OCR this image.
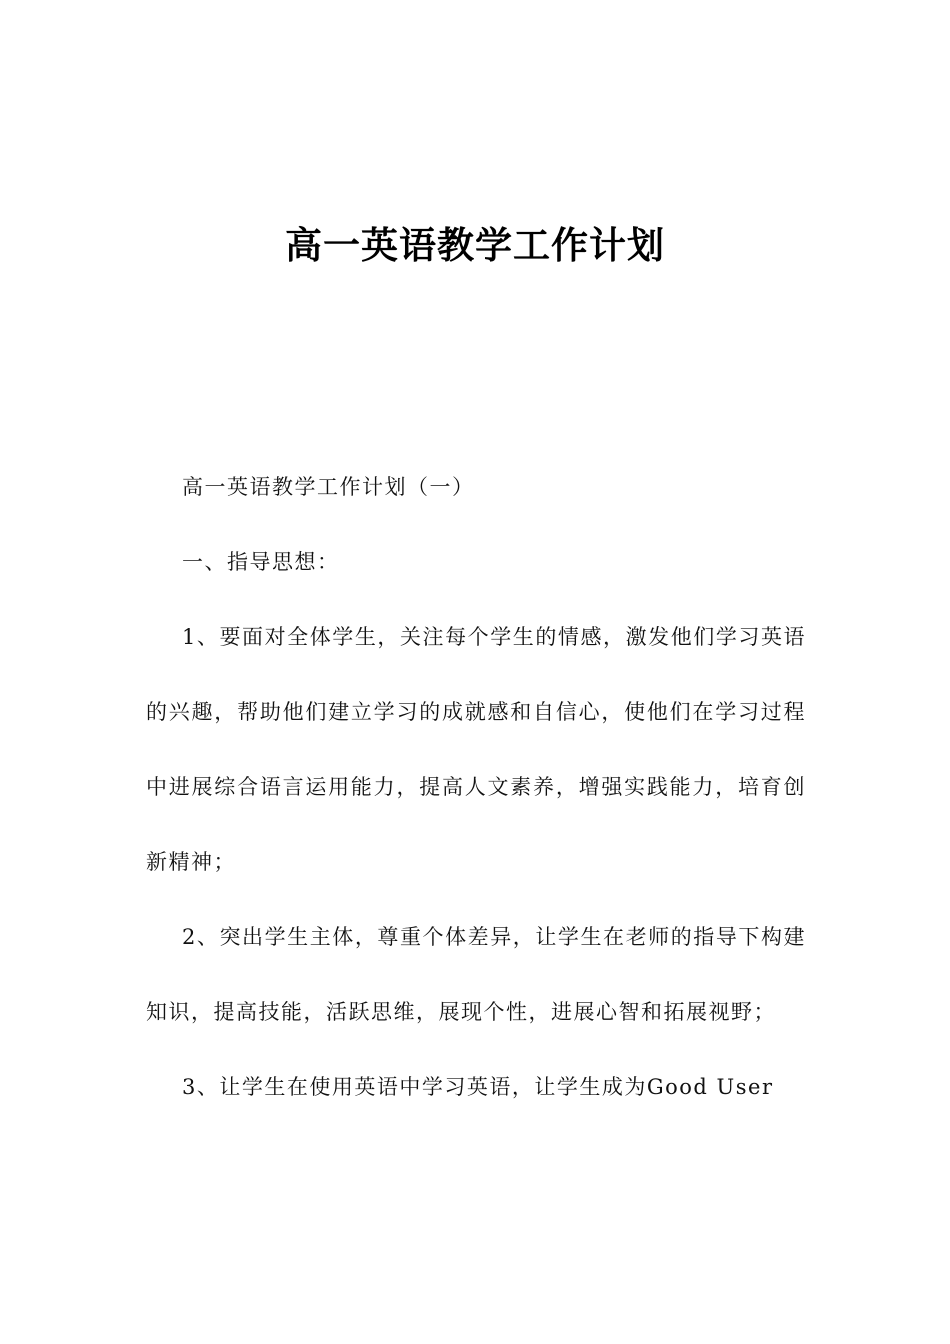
高一英语教学工作计划

高一英语教学工作计划（一）

一、指导思想：

1、要面对全体学生，关注每个学生的情感，激发他们学习英语的兴趣，帮助他们建立学习的成就感和自信心，使他们在学习过程中进展综合语言运用能力，提高人文素养，增强实践能力，培育创新精神；

2、突出学生主体，尊重个体差异，让学生在老师的指导下构建知识，提高技能，活跃思维，展现个性，进展心智和拓展视野；

3、让学生在使用英语中学习英语，让学生成为Good User
